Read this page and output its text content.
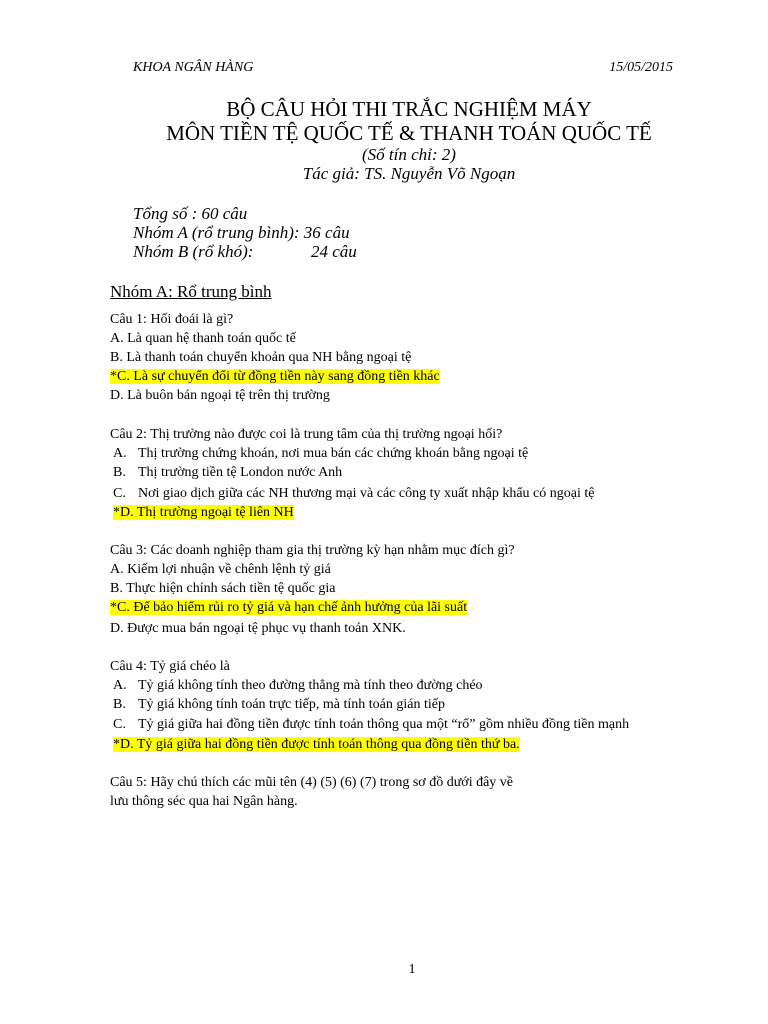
KHOA NGÂN HÀNG	15/05/2015
BỘ CÂU HỎI THI TRẮC NGHIỆM MÁY
MÔN TIỀN TỆ QUỐC TẾ & THANH TOÁN QUỐC TẾ
(Số tín chỉ: 2)
Tác giả: TS. Nguyễn Võ Ngoạn
Tổng số : 60 câu
Nhóm A (rổ trung bình): 36 câu
Nhóm B (rổ khó):	24 câu
Nhóm A: Rổ trung bình
Câu 1: Hối đoái là gì?
A. Là quan hệ thanh toán quốc tế
B. Là thanh toán chuyển khoản qua NH bằng ngoại tệ
*C. Là sự chuyển đổi từ đồng tiền này sang đồng tiền khác
D. Là buôn bán ngoại tệ trên thị trường
Câu 2: Thị trường nào được coi là trung tâm của thị trường ngoại hối?
A. Thị trường chứng khoán, nơi mua bán các chứng khoán bằng ngoại tệ
B. Thị trường tiền tệ London nước Anh
C. Nơi giao dịch giữa các NH thương mại và các công ty xuất nhập khẩu có ngoại tệ
*D. Thị trường ngoại tệ liên NH
Câu 3: Các doanh nghiệp tham gia thị trường kỳ hạn nhằm mục đích gì?
A. Kiếm lợi nhuận về chênh lệnh tỷ giá
B. Thực hiện chính sách tiền tệ quốc gia
*C. Để bảo hiểm rủi ro tỷ giá và hạn chế ảnh hưởng của lãi suất
D. Được mua bán ngoại tệ phục vụ thanh toán XNK.
Câu 4: Tỷ giá chéo là
A. Tỷ giá không tính theo đường thẳng mà tính theo đường chéo
B. Tỷ giá không tính toán trực tiếp, mà tính toán gián tiếp
C. Tỷ giá giữa hai đồng tiền được tính toán thông qua một “rổ” gồm nhiều đồng tiền mạnh
*D. Tỷ giá giữa hai đồng tiền được tính toán thông qua đồng tiền thứ ba.
Câu 5: Hãy chú thích các mũi tên (4) (5) (6) (7) trong sơ đồ dưới đây về lưu thông séc qua hai Ngân hàng.
1
